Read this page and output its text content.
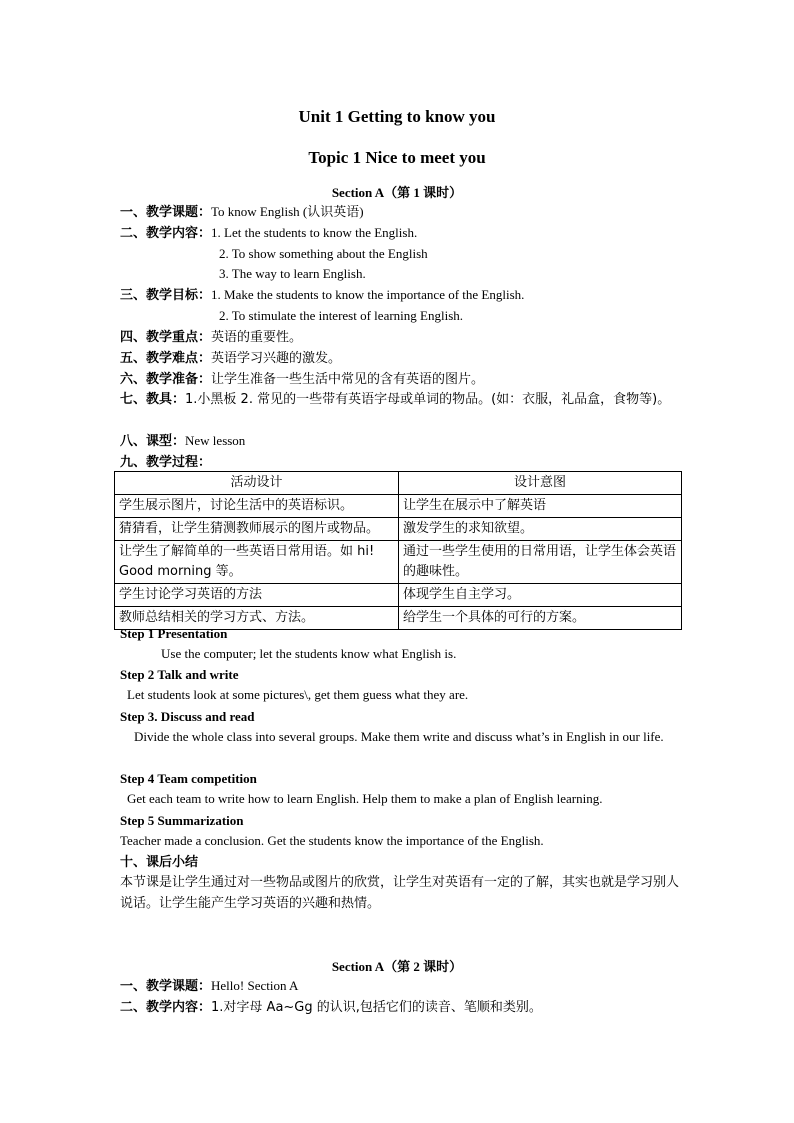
Unit 1 Getting to know you
Topic 1 Nice to meet you
Section A（第 1 课时）
一、教学课题：To know English (认识英语)
二、教学内容：1. Let the students to know the English.
2. To show something about the English
3. The way to learn English.
三、教学目标：1. Make the students to know the importance of the English.
2. To stimulate the interest of learning English.
四、教学重点：英语的重要性。
五、教学难点：英语学习兴趣的激发。
六、教学准备：让学生准备一些生活中常见的含有英语的图片。
七、教具：1.小黑板 2. 常见的一些带有英语字母或单词的物品。(如：衣服，礼品盒，食物等)。
八、课型：New lesson
九、教学过程：
活动设计	设计意图
学生展示图片，讨论生活中的英语标识。	让学生在展示中了解英语
猜猜看，让学生猜测教师展示的图片或物品。	激发学生的求知欲望。
让学生了解简单的一些英语日常用语。如 hi! Good morning 等。	通过一些学生使用的日常用语，让学生体会英语的趣味性。
学生讨论学习英语的方法	体现学生自主学习。
教师总结相关的学习方式、方法。	给学生一个具体的可行的方案。
Step 1 Presentation
Use the computer; let the students know what English is.
Step 2 Talk and write
Let students look at some pictures\, get them guess what they are.
Step 3. Discuss and read
Divide the whole class into several groups. Make them write and discuss what’s in English in our life.
Step 4 Team competition
Get each team to write how to learn English. Help them to make a plan of English learning.
Step 5 Summarization
Teacher made a conclusion. Get the students know the importance of the English.
十、课后小结
本节课是让学生通过对一些物品或图片的欣赏，让学生对英语有一定的了解，其实也就是学习别人说话。让学生能产生学习英语的兴趣和热情。
Section A（第 2 课时）
一、教学课题：Hello! Section A
二、教学内容：1.对字母 Aa~Gg 的认识,包括它们的读音、笔顺和类别。
